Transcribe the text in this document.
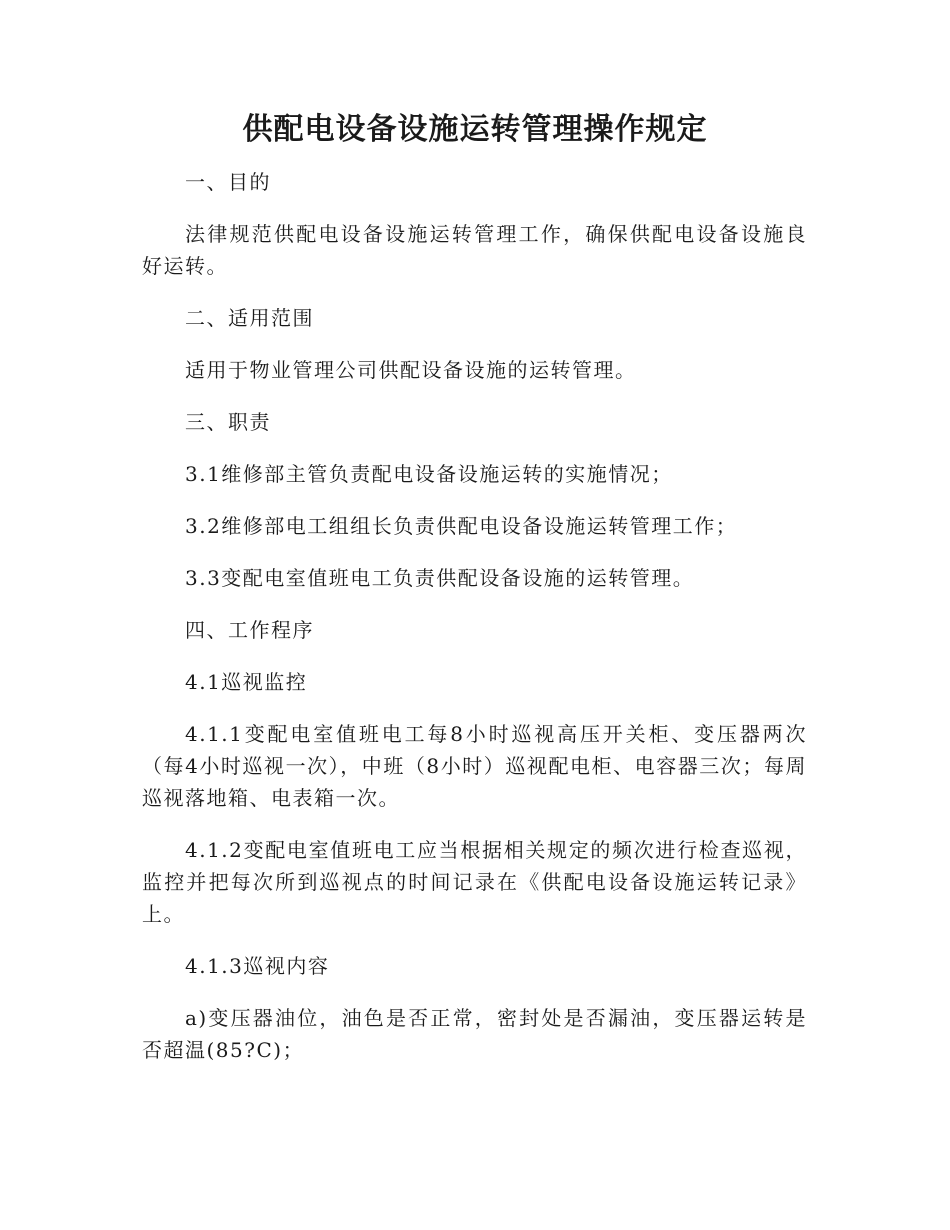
供配电设备设施运转管理操作规定

一、目的

法律规范供配电设备设施运转管理工作，确保供配电设备设施良好运转。

二、适用范围

适用于物业管理公司供配设备设施的运转管理。

三、职责

3.1维修部主管负责配电设备设施运转的实施情况；

3.2维修部电工组组长负责供配电设备设施运转管理工作；

3.3变配电室值班电工负责供配设备设施的运转管理。

四、工作程序

4.1巡视监控

4.1.1变配电室值班电工每8小时巡视高压开关柜、变压器两次（每4小时巡视一次），中班（8小时）巡视配电柜、电容器三次；每周巡视落地箱、电表箱一次。

4.1.2变配电室值班电工应当根据相关规定的频次进行检查巡视，监控并把每次所到巡视点的时间记录在《供配电设备设施运转记录》上。

4.1.3巡视内容

a)变压器油位，油色是否正常，密封处是否漏油，变压器运转是否超温(85?C)；
